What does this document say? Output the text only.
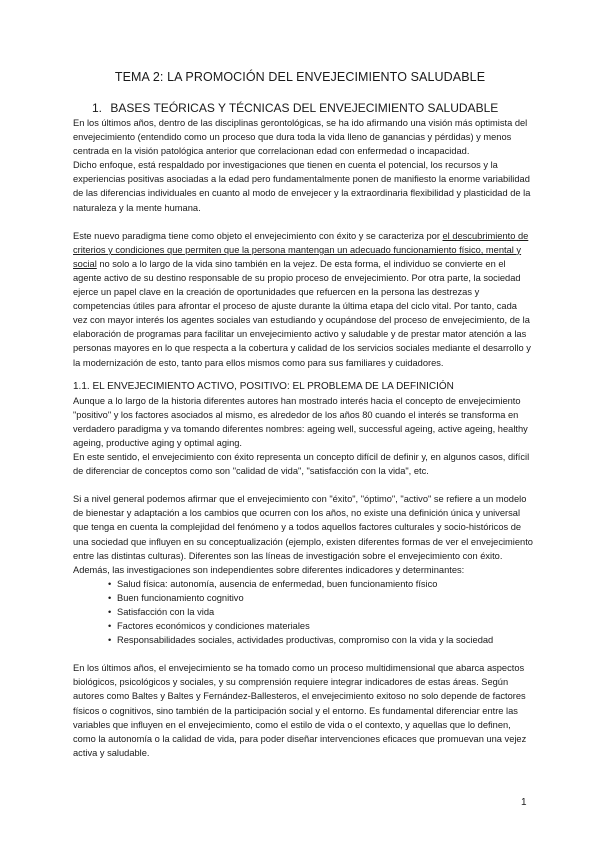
TEMA 2: LA PROMOCIÓN DEL ENVEJECIMIENTO SALUDABLE
1. BASES TEÓRICAS Y TÉCNICAS DEL ENVEJECIMIENTO SALUDABLE

En los últimos años, dentro de las disciplinas gerontológicas, se ha ido afirmando una visión más optimista del envejecimiento (entendido como un proceso que dura toda la vida lleno de ganancias y pérdidas) y menos centrada en la visión patológica anterior que correlacionan edad con enfermedad o incapacidad.

Dicho enfoque, está respaldado por investigaciones que tienen en cuenta el potencial, los recursos y la experiencias positivas asociadas a la edad pero fundamentalmente ponen de manifiesto la enorme variabilidad de las diferencias individuales en cuanto al modo de envejecer y la extraordinaria flexibilidad y plasticidad de la naturaleza y la mente humana.

Este nuevo paradigma tiene como objeto el envejecimiento con éxito y se caracteriza por el descubrimiento de criterios y condiciones que permiten que la persona mantengan un adecuado funcionamiento físico, mental y social no solo a lo largo de la vida sino también en la vejez. De esta forma, el individuo se convierte en el agente activo de su destino responsable de su propio proceso de envejecimiento. Por otra parte, la sociedad ejerce un papel clave en la creación de oportunidades que refuercen en la persona las destrezas y competencias útiles para afrontar el proceso de ajuste durante la última etapa del ciclo vital. Por tanto, cada vez con mayor interés los agentes sociales van estudiando y ocupándose del proceso de envejecimiento, de la elaboración de programas para facilitar un envejecimiento activo y saludable y de prestar mator atención a las personas mayores en lo que respecta a la cobertura y calidad de los servicios sociales mediante el desarrollo y la modernización de esto, tanto para ellos mismos como para sus familiares y cuidadores.

1.1. EL ENVEJECIMIENTO ACTIVO, POSITIVO: EL PROBLEMA DE LA DEFINICIÓN

Aunque a lo largo de la historia diferentes autores han mostrado interés hacia el concepto de envejecimiento "positivo" y los factores asociados al mismo, es alrededor de los años 80 cuando el interés se transforma en verdadero paradigma y va tomando diferentes nombres: ageing well, successful ageing, active ageing, healthy ageing, productive aging y optimal aging.

En este sentido, el envejecimiento con éxito representa un concepto difícil de definir y, en algunos casos, difícil de diferenciar de conceptos como son "calidad de vida", "satisfacción con la vida", etc.

Si a nivel general podemos afirmar que el envejecimiento con "éxito", "óptimo", "activo" se refiere a un modelo de bienestar y adaptación a los cambios que ocurren con los años, no existe una definición única y universal que tenga en cuenta la complejidad del fenómeno y a todos aquellos factores culturales y socio-históricos de una sociedad que influyen en su conceptualización (ejemplo, existen diferentes formas de ver el envejecimiento entre las distintas culturas). Diferentes son las líneas de investigación sobre el envejecimiento con éxito. Además, las investigaciones son independientes sobre diferentes indicadores y determinantes:

• Salud física: autonomía, ausencia de enfermedad, buen funcionamiento físico
• Buen funcionamiento cognitivo
• Satisfacción con la vida
• Factores económicos y condiciones materiales
• Responsabilidades sociales, actividades productivas, compromiso con la vida y la sociedad

En los últimos años, el envejecimiento se ha tomado como un proceso multidimensional que abarca aspectos biológicos, psicológicos y sociales, y su comprensión requiere integrar indicadores de estas áreas. Según autores como Baltes y Baltes y Fernández-Ballesteros, el envejecimiento exitoso no solo depende de factores físicos o cognitivos, sino también de la participación social y el entorno. Es fundamental diferenciar entre las variables que influyen en el envejecimiento, como el estilo de vida o el contexto, y aquellas que lo definen, como la autonomía o la calidad de vida, para poder diseñar intervenciones eficaces que promuevan una vejez activa y saludable.

1
